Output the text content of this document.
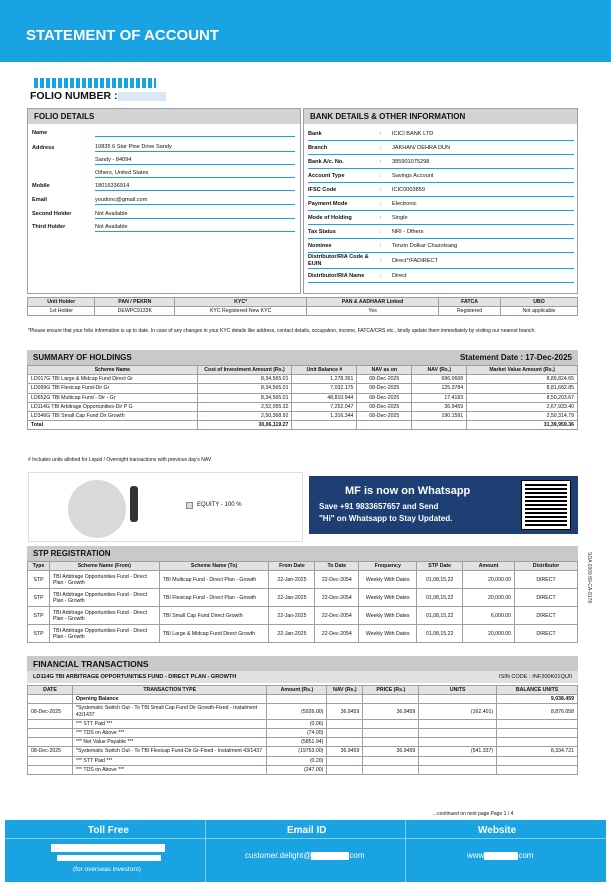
STATEMENT OF ACCOUNT
FOLIO NUMBER :
FOLIO DETAILS
Name
Address	10835 6 Star Pine Drive Sandy
Sandy - 84094
Others, United States
Mobile	18016336914
Email	youdonc@gmail.com
Second Holder	Not Available
Third Holder	Not Available
BANK DETAILS & OTHER INFORMATION
Bank	:	ICICI BANK LTD
Branch	:	JAKHAN/ DEHRA DUN
Bank A/c. No.	:	385901075298
Account Type	:	Savings Account
IFSC Code	:	ICIC0003859
Payment Mode	:	Electronic
Mode of Holding	:	Single
Tax Status	:	NRI - Others
Nominee	:	Tenzin Dolkar Chazotsang
Distributor/RIA Code & EUIN
:	Direct*/FADIRECT
Distributor/RIA Name	:	Direct
Unit Holder	PAN / PEKRN	KYC*	PAN & AADHAAR Linked	FATCA	UBO
1st Holder	DEWPC9133K	KYC Registered-New KYC	Yes	Registered	Not applicable
*Please ensure that your folio information is up to date. In case of any changes in your KYC details like address, contact details, occupation, income, FATCA/CRS etc., kindly update them immediately by visiting our nearest branch.
SUMMARY OF HOLDINGS	Statement Date : 17-Dec-2025
Scheme Name	Cost of Investment Amount (Rs.)	Unit Balance #	NAV as on	NAV (Rs.)	Market Value Amount (Rs.)
LD017G TBI Large & Midcap Fund Direct Gr	8,34,565.01	1,278.361	08-Dec-2025	696.0668	8,89,824.65
LD099G TBI Flexicap Fund-Dir Gr	8,34,565.01	7,032.175	08-Dec-2025	125.3784	8,81,682.85
LD652G TBI Multicap Fund - Dir - Gr	8,34,565.01	48,810.944	08-Dec-2025	17.4183	8,50,203.67
LD114G TBI Arbitrage Opportunities-Dir P G	2,52,055.32	7,252.047	08-Dec-2025	36.9459	2,67,933.40
LD346G TBI Small Cap Fund Dir Growth	2,50,368.92	1,316.344	08-Dec-2025	190.1591	2,50,314.79
Total	30,06,119.27				31,39,959.36
# Includes units allotted for Liquid / Overnight transactions with previous day's NAV
EQUITY - 100 %
MF is now on Whatsapp
Save +91 9833657657 and Send
"Hi" on Whatsapp to Stay Updated.
STP REGISTRATION
Type	Scheme Name (From)	Scheme Name (To)	From Date	To Date	Frequency	STP Date	Amount	Distributor
STP	TBI Arbitrage Opportunities Fund - Direct Plan - Growth	TBI Multicap Fund - Direct Plan - Growth	22-Jan-2025	22-Dec-2054	Weekly With Dates	01,08,15,22	20,000.00	DIRECT
STP	TBI Arbitrage Opportunities Fund - Direct Plan - Growth	TBI Flexicap Fund - Direct Plan - Growth	22-Jan-2025	22-Dec-2054	Weekly With Dates	01,08,15,22	20,000.00	DIRECT
STP	TBI Arbitrage Opportunities Fund - Direct Plan - Growth	TBI Small Cap Fund Direct Growth	22-Jan-2025	22-Dec-2054	Weekly With Dates	01,08,15,22	6,000.00	DIRECT
STP	TBI Arbitrage Opportunities Fund - Direct Plan - Growth	TBI Large & Midcap Fund Direct Growth	22-Jan-2025	22-Dec-2054	Weekly With Dates	01,08,15,22	20,000.00	DIRECT
SOA 0009 89-CA-8178
FINANCIAL TRANSACTIONS
LD114G TBI ARBITRAGE OPPORTUNITIES FUND - DIRECT PLAN - GROWTH	ISIN CODE : INF200K01QU0
DATE	TRANSACTION TYPE	Amount (Rs.)	NAV (Rs.)	PRICE (Rs.)	UNITS	BALANCE UNITS
	Opening Balance					9,038.459
08-Dec-2025	*Systematic Switch Out - To TBI Small Cap Fund Dir Growth-Fixed - Instalment 43/1437	(5926.00)	36.9459	36.9459	(162.401)	8,876.058
	*** STT Paid ***	(0.06)				
	*** TDS on Above ***	(74.00)				
	*** Net Value Payable ***	(5851.94)				
08-Dec-2025	*Systematic Switch Out - To TBI Flexicap Fund-Dir Gr-Fixed - Instalment 43/1437	(19753.00)	36.9459	36.9459	(541.337)	8,334.721
	*** STT Paid ***	(0.20)				
	*** TDS on Above ***	(247.00)				
...continued on next page Page 1 / 4
Toll Free
(for overseas investors)
Email ID
customer.delight@	com
Website
www	com
